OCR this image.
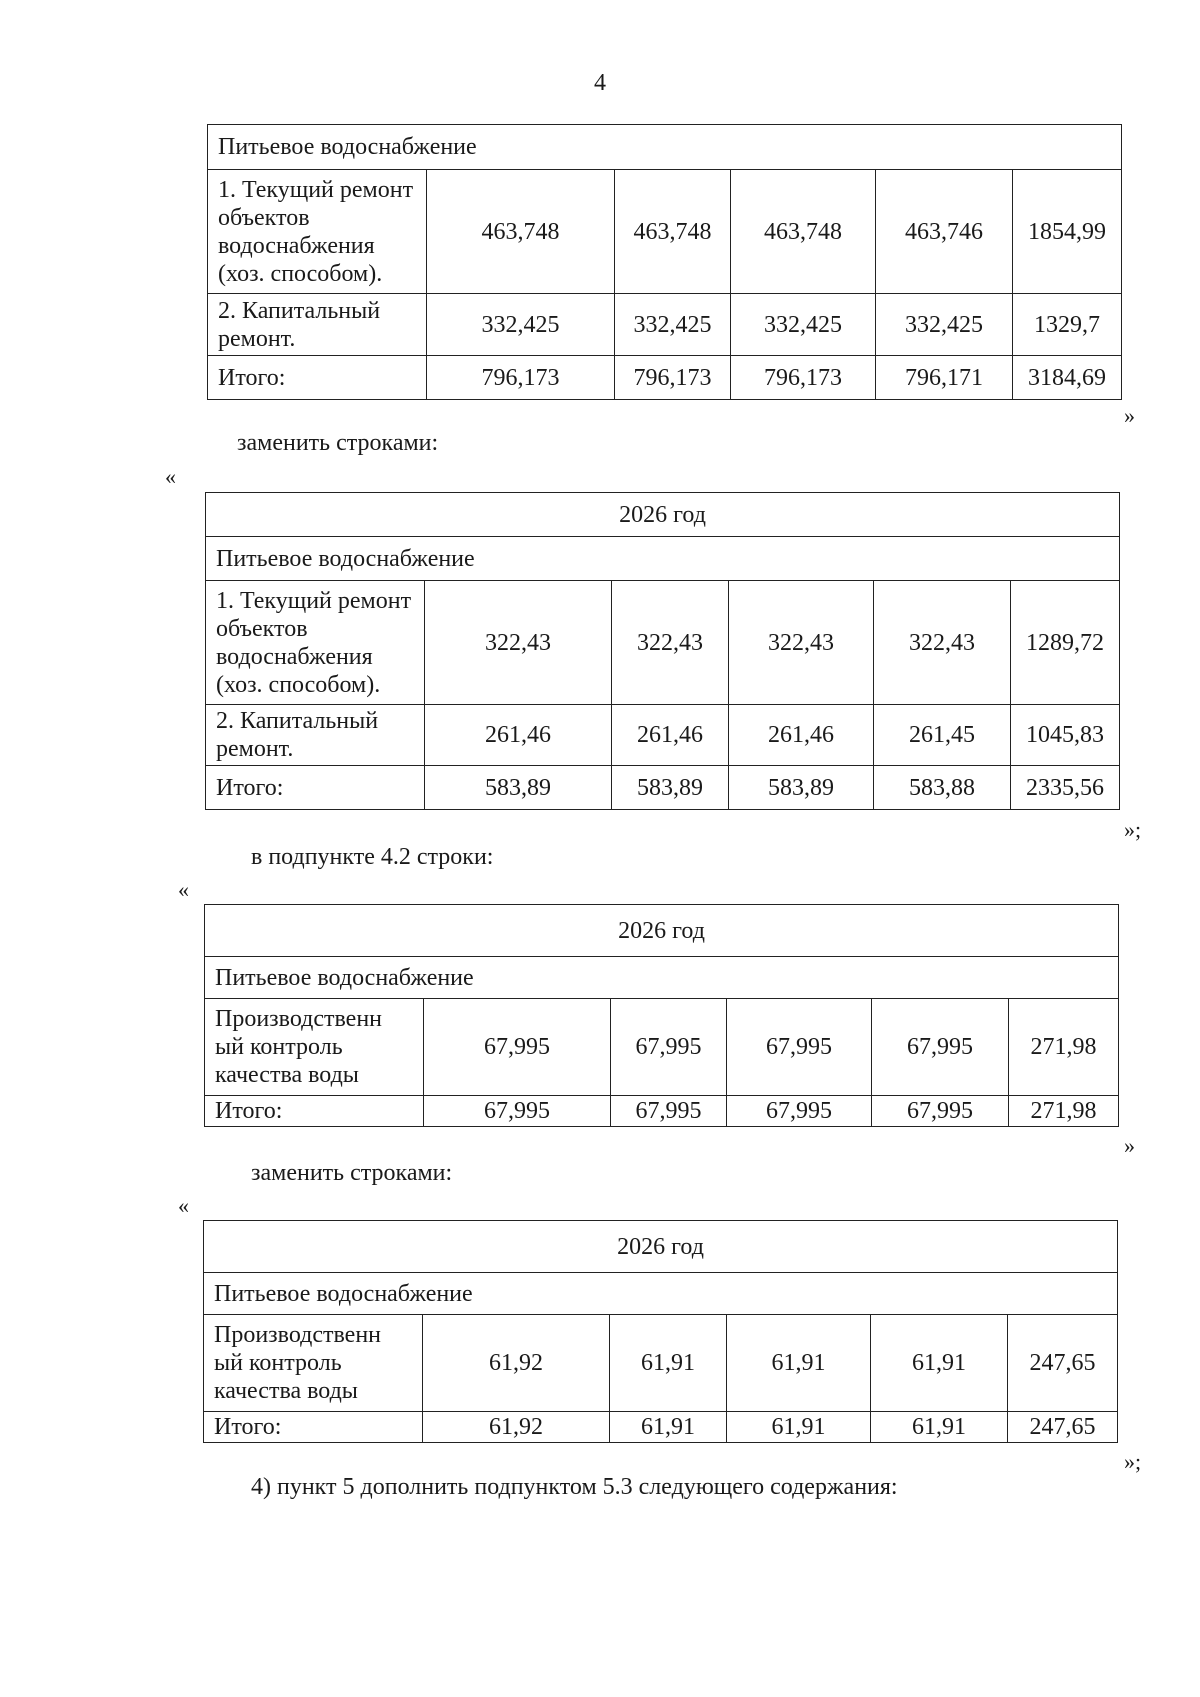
4
Питьевое водоснабжение					
1. Текущий ремонт объектов водоснабжения (хоз. способом).	463,748	463,748	463,748	463,746	1854,99
2. Капитальный ремонт.	332,425	332,425	332,425	332,425	1329,7
Итого:	796,173	796,173	796,173	796,171	3184,69
»
заменить строками:
«
2026 год					
Питьевое водоснабжение					
1. Текущий ремонт объектов водоснабжения (хоз. способом).	322,43	322,43	322,43	322,43	1289,72
2. Капитальный ремонт.	261,46	261,46	261,46	261,45	1045,83
Итого:	583,89	583,89	583,89	583,88	2335,56
»;
в подпункте 4.2 строки:
«
2026 год					
Питьевое водоснабжение					
Производственн ый контроль качества воды	67,995	67,995	67,995	67,995	271,98
Итого:	67,995	67,995	67,995	67,995	271,98
»
заменить строками:
«
2026 год					
Питьевое водоснабжение					
Производственн ый контроль качества воды	61,92	61,91	61,91	61,91	247,65
Итого:	61,92	61,91	61,91	61,91	247,65
»;
4) пункт 5 дополнить подпунктом 5.3 следующего содержания:
